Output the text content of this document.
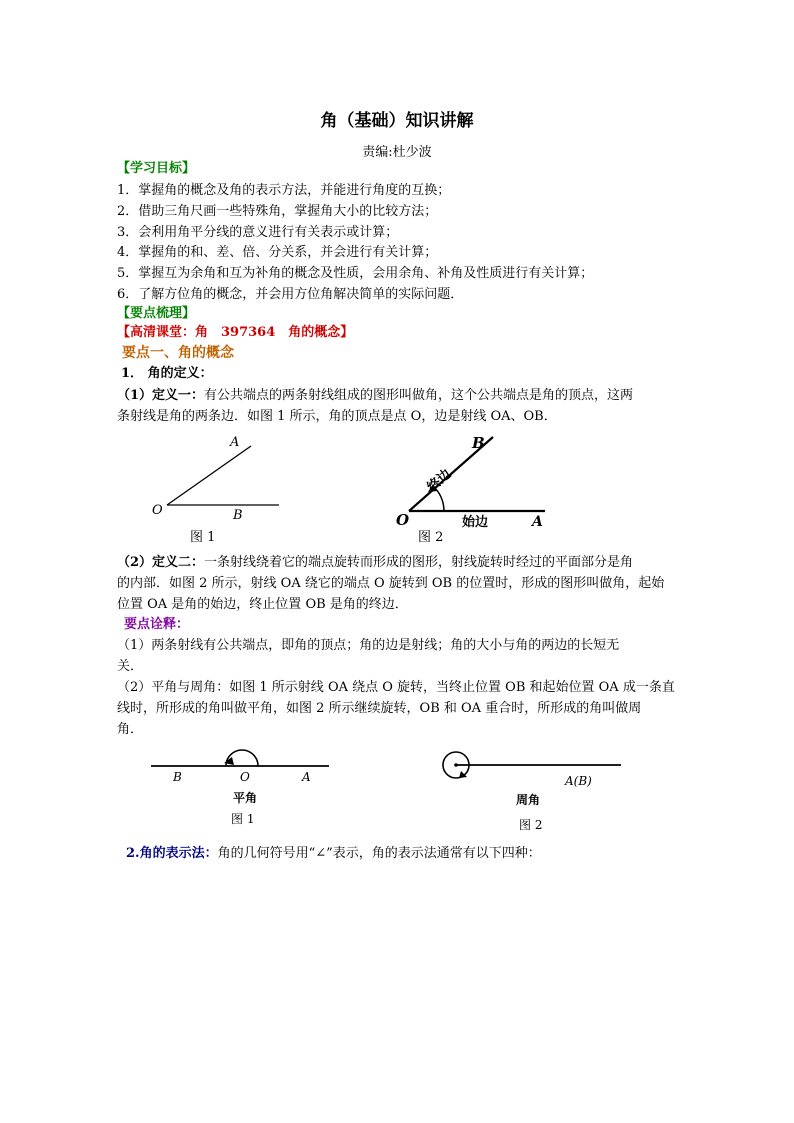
角（基础）知识讲解
责编:杜少波
【学习目标】
1．掌握角的概念及角的表示方法，并能进行角度的互换；
2．借助三角尺画一些特殊角，掌握角大小的比较方法；
3．会利用角平分线的意义进行有关表示或计算；
4．掌握角的和、差、倍、分关系，并会进行有关计算；
5．掌握互为余角和互为补角的概念及性质，会用余角、补角及性质进行有关计算；
6．了解方位角的概念，并会用方位角解决简单的实际问题．
【要点梳理】
【高清课堂：角　397364　角的概念】
要点一、角的概念
1． 角的定义：
（1）定义一：有公共端点的两条射线组成的图形叫做角，这个公共端点是角的顶点，这两
条射线是角的两条边．如图 1 所示，角的顶点是点 O，边是射线 OA、OB．
A
O	B
图 1
B
O	A
终边
始边
图 2
（2）定义二：一条射线绕着它的端点旋转而形成的图形，射线旋转时经过的平面部分是角
的内部．如图 2 所示，射线 OA 绕它的端点 O 旋转到 OB 的位置时，形成的图形叫做角，起始
位置 OA 是角的始边，终止位置 OB 是角的终边．
要点诠释：
（1）两条射线有公共端点，即角的顶点；角的边是射线；角的大小与角的两边的长短无
关．
（2）平角与周角：如图 1 所示射线 OA 绕点 O 旋转，当终止位置 OB 和起始位置 OA 成一条直
线时，所形成的角叫做平角，如图 2 所示继续旋转，OB 和 OA 重合时，所形成的角叫做周
角．
B	O	A
平角
图 1
A(B)
周角
图 2
2.角的表示法：角的几何符号用“∠”表示，角的表示法通常有以下四种：
